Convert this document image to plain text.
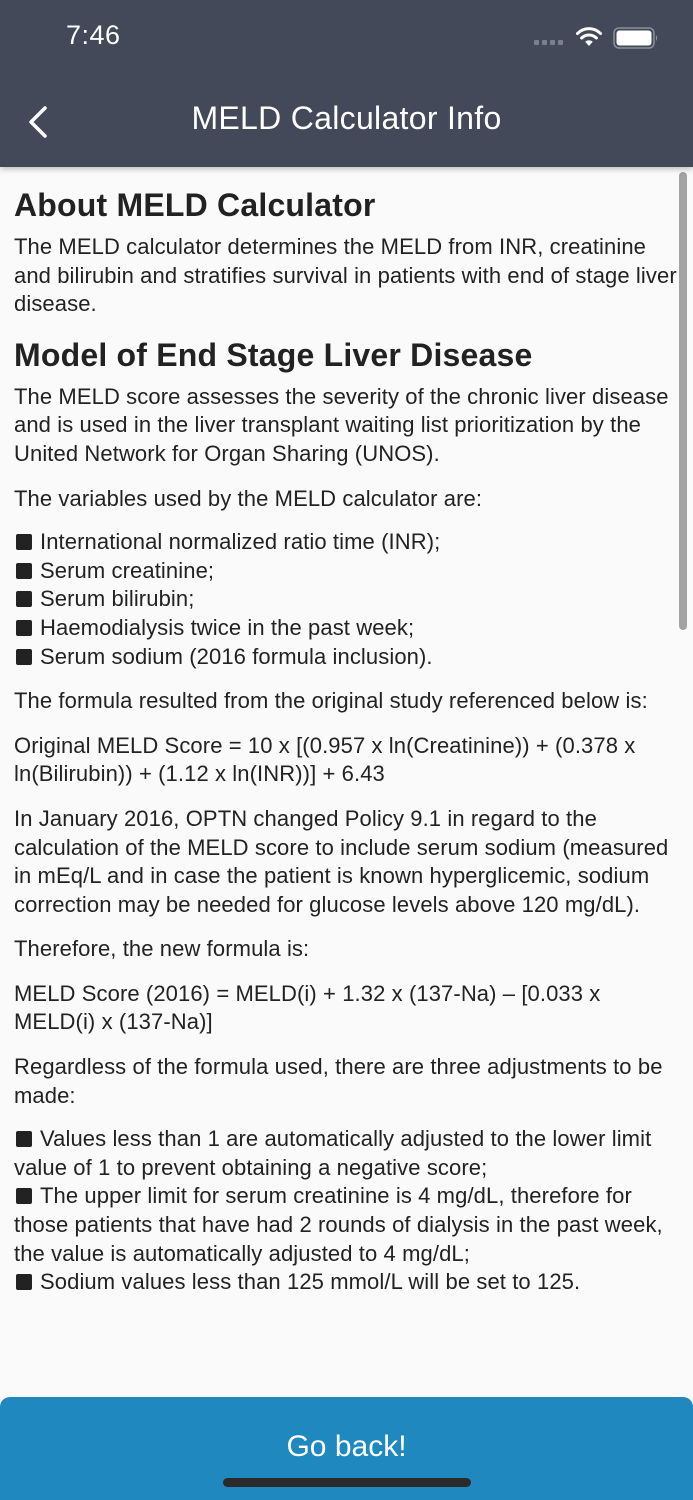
7:46
MELD Calculator Info
About MELD Calculator

The MELD calculator determines the MELD from INR, creatinine and bilirubin and stratifies survival in patients with end of stage liver disease.

Model of End Stage Liver Disease

The MELD score assesses the severity of the chronic liver disease and is used in the liver transplant waiting list prioritization by the United Network for Organ Sharing (UNOS).

The variables used by the MELD calculator are:

International normalized ratio time (INR);
Serum creatinine;
Serum bilirubin;
Haemodialysis twice in the past week;
Serum sodium (2016 formula inclusion).

The formula resulted from the original study referenced below is:

Original MELD Score = 10 x [(0.957 x ln(Creatinine)) + (0.378 x ln(Bilirubin)) + (1.12 x ln(INR))] + 6.43

In January 2016, OPTN changed Policy 9.1 in regard to the calculation of the MELD score to include serum sodium (measured in mEq/L and in case the patient is known hyperglicemic, sodium correction may be needed for glucose levels above 120 mg/dL).

Therefore, the new formula is:

MELD Score (2016) = MELD(i) + 1.32 x (137-Na) – [0.033 x MELD(i) x (137-Na)]

Regardless of the formula used, there are three adjustments to be made:

Values less than 1 are automatically adjusted to the lower limit value of 1 to prevent obtaining a negative score;
The upper limit for serum creatinine is 4 mg/dL, therefore for those patients that have had 2 rounds of dialysis in the past week, the value is automatically adjusted to 4 mg/dL;
Sodium values less than 125 mmol/L will be set to 125.
Go back!
